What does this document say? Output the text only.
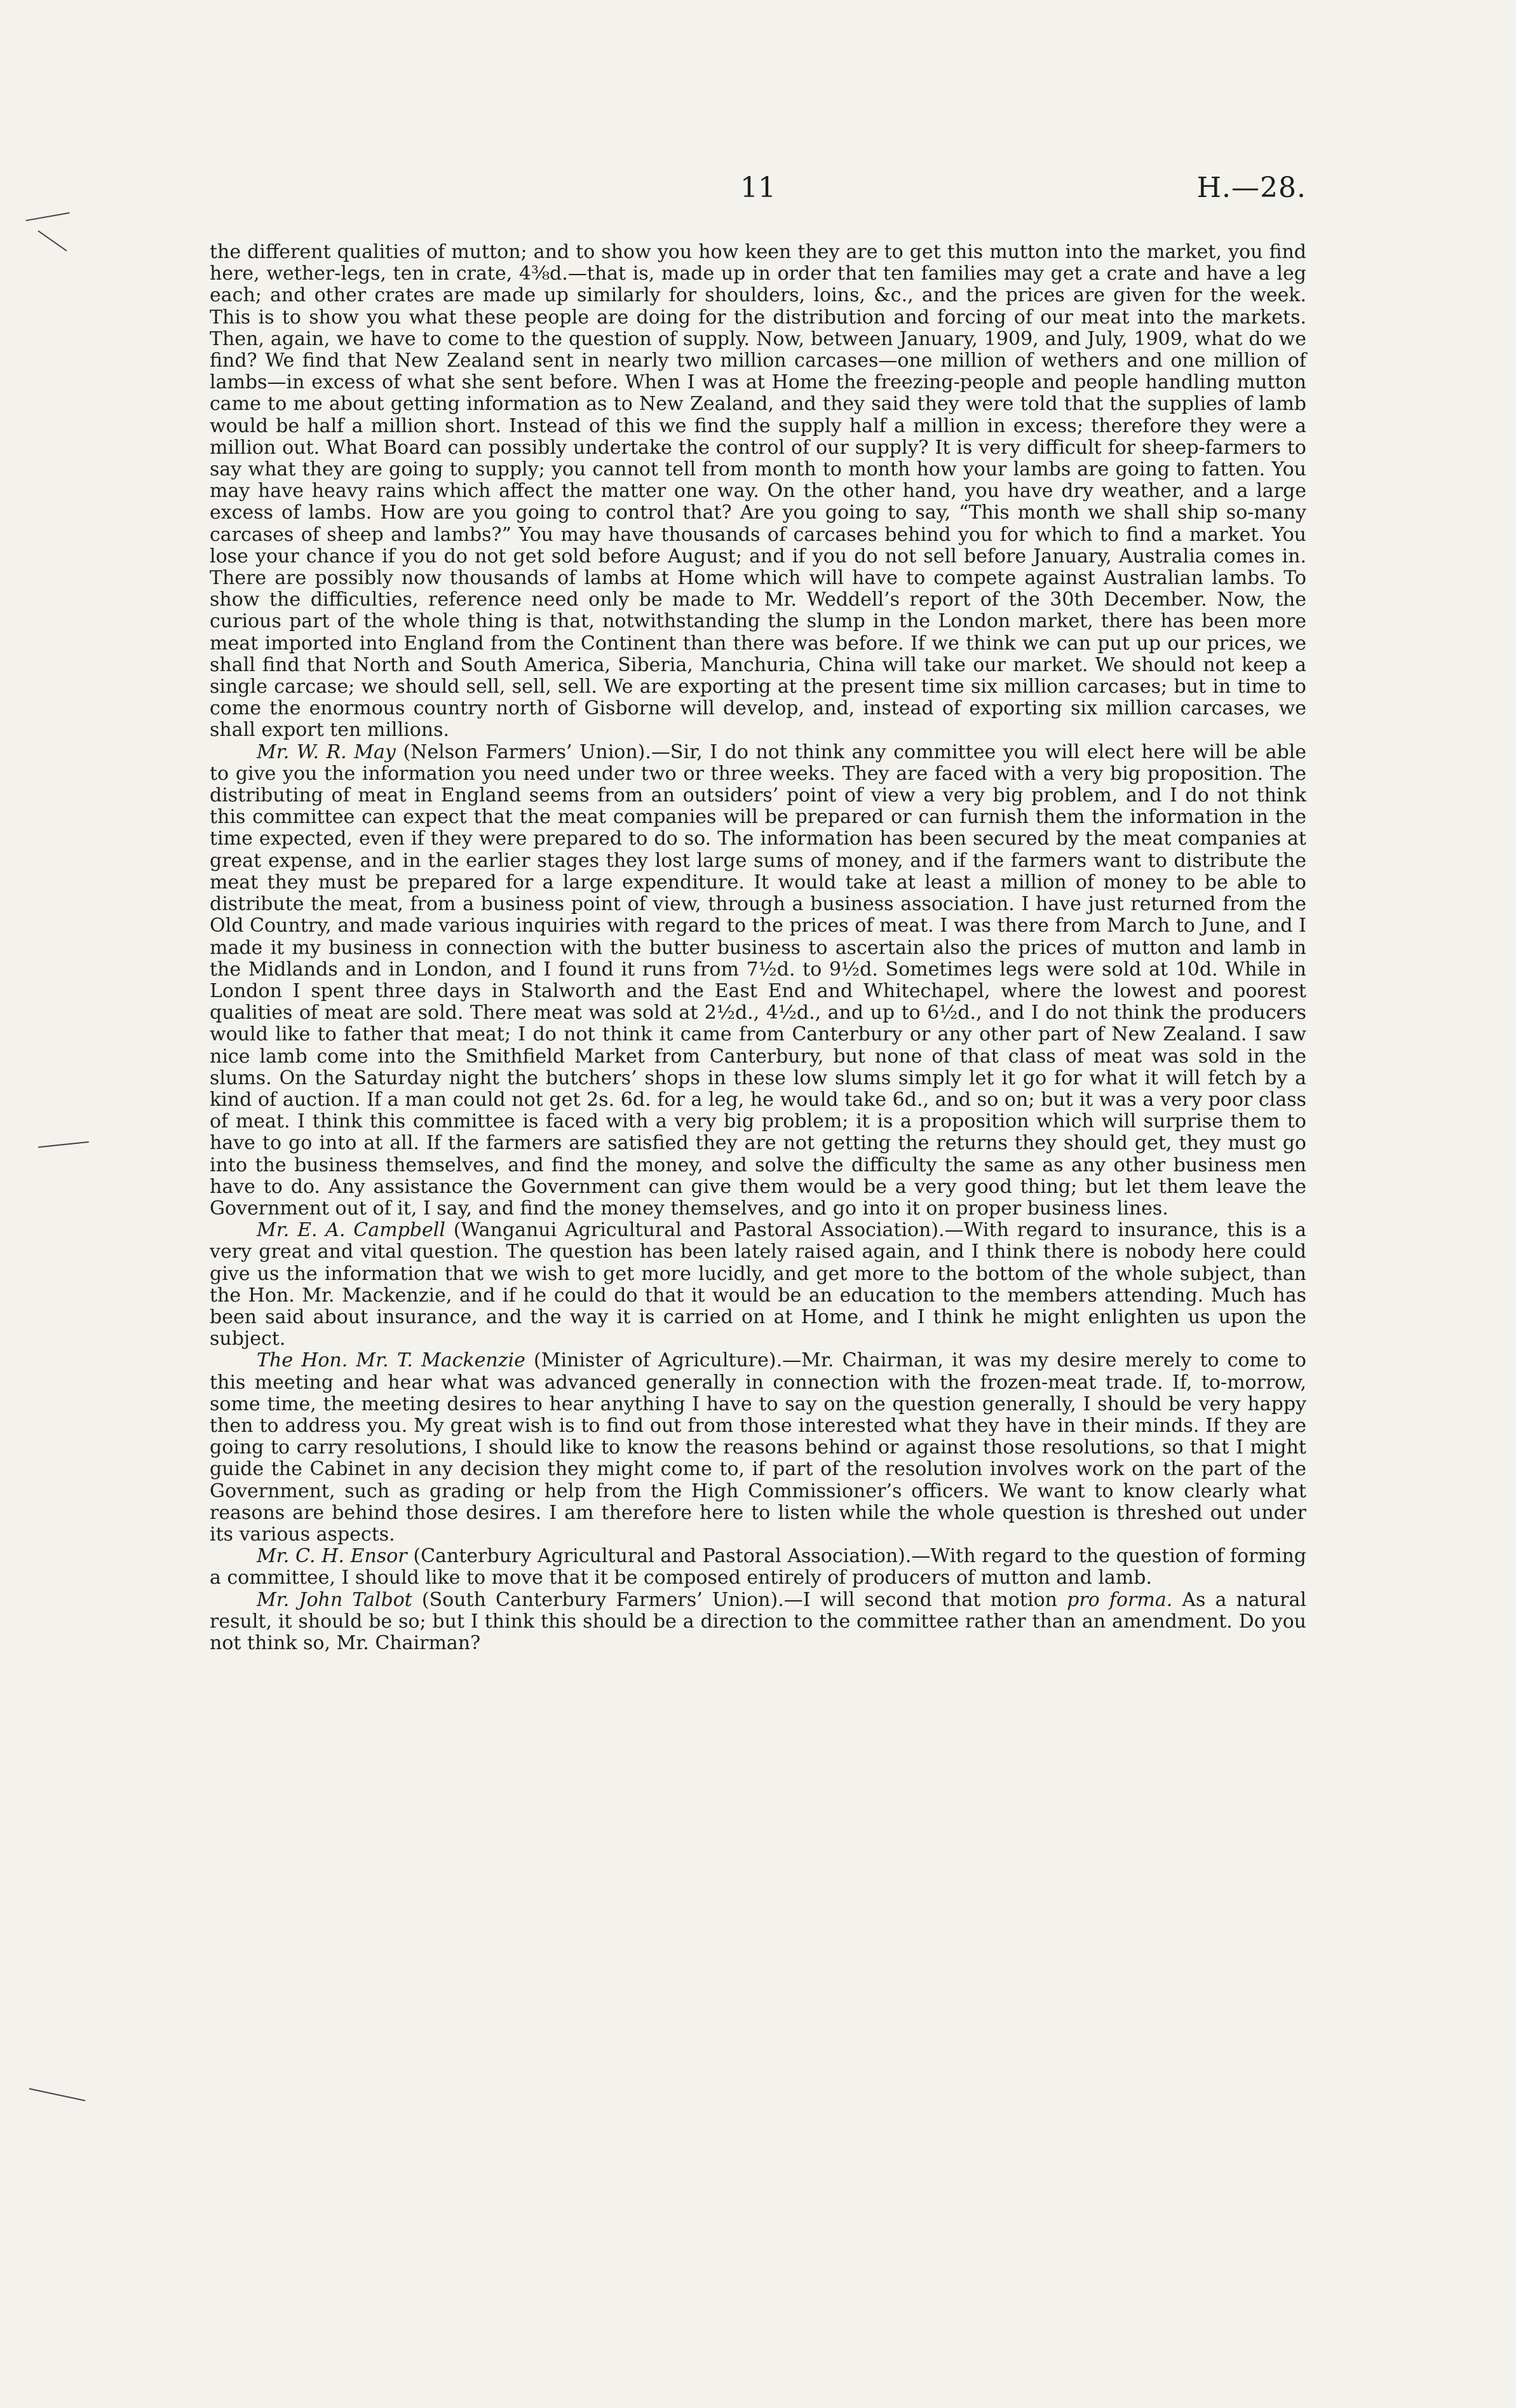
11	H.—28.

the different qualities of mutton; and to show you how keen they are to get this mutton into the market, you find here, wether-legs, ten in crate, 4⅜d.—that is, made up in order that ten families may get a crate and have a leg each; and other crates are made up similarly for shoulders, loins, &c., and the prices are given for the week. This is to show you what these people are doing for the distribution and forcing of our meat into the markets. Then, again, we have to come to the question of supply. Now, between January, 1909, and July, 1909, what do we find? We find that New Zealand sent in nearly two million carcases—one million of wethers and one million of lambs—in excess of what she sent before. When I was at Home the freezing-people and people handling mutton came to me about getting information as to New Zealand, and they said they were told that the supplies of lamb would be half a million short. Instead of this we find the supply half a million in excess; therefore they were a million out. What Board can possibly undertake the control of our supply? It is very difficult for sheep-farmers to say what they are going to supply; you cannot tell from month to month how your lambs are going to fatten. You may have heavy rains which affect the matter one way. On the other hand, you have dry weather, and a large excess of lambs. How are you going to control that? Are you going to say, “This month we shall ship so-many carcases of sheep and lambs?” You may have thousands of carcases behind you for which to find a market. You lose your chance if you do not get sold before August; and if you do not sell before January, Australia comes in. There are possibly now thousands of lambs at Home which will have to compete against Australian lambs. To show the difficulties, reference need only be made to Mr. Weddell’s report of the 30th December. Now, the curious part of the whole thing is that, notwithstanding the slump in the London market, there has been more meat imported into England from the Continent than there was before. If we think we can put up our prices, we shall find that North and South America, Siberia, Manchuria, China will take our market. We should not keep a single carcase; we should sell, sell, sell. We are exporting at the present time six million carcases; but in time to come the enormous country north of Gisborne will develop, and, instead of exporting six million carcases, we shall export ten millions.

Mr. W. R. May (Nelson Farmers’ Union).—Sir, I do not think any committee you will elect here will be able to give you the information you need under two or three weeks. They are faced with a very big proposition. The distributing of meat in England seems from an outsiders’ point of view a very big problem, and I do not think this committee can expect that the meat companies will be prepared or can furnish them the information in the time expected, even if they were prepared to do so. The information has been secured by the meat companies at great expense, and in the earlier stages they lost large sums of money, and if the farmers want to distribute the meat they must be prepared for a large expenditure. It would take at least a million of money to be able to distribute the meat, from a business point of view, through a business association. I have just returned from the Old Country, and made various inquiries with regard to the prices of meat. I was there from March to June, and I made it my business in connection with the butter business to ascertain also the prices of mutton and lamb in the Midlands and in London, and I found it runs from 7½d. to 9½d. Sometimes legs were sold at 10d. While in London I spent three days in Stalworth and the East End and Whitechapel, where the lowest and poorest qualities of meat are sold. There meat was sold at 2½d., 4½d., and up to 6½d., and I do not think the producers would like to father that meat; I do not think it came from Canterbury or any other part of New Zealand. I saw nice lamb come into the Smithfield Market from Canterbury, but none of that class of meat was sold in the slums. On the Saturday night the butchers’ shops in these low slums simply let it go for what it will fetch by a kind of auction. If a man could not get 2s. 6d. for a leg, he would take 6d., and so on; but it was a very poor class of meat. I think this committee is faced with a very big problem; it is a proposition which will surprise them to have to go into at all. If the farmers are satisfied they are not getting the returns they should get, they must go into the business themselves, and find the money, and solve the difficulty the same as any other business men have to do. Any assistance the Government can give them would be a very good thing; but let them leave the Government out of it, I say, and find the money themselves, and go into it on proper business lines.

Mr. E. A. Campbell (Wanganui Agricultural and Pastoral Association).—With regard to insurance, this is a very great and vital question. The question has been lately raised again, and I think there is nobody here could give us the information that we wish to get more lucidly, and get more to the bottom of the whole subject, than the Hon. Mr. Mackenzie, and if he could do that it would be an education to the members attending. Much has been said about insurance, and the way it is carried on at Home, and I think he might enlighten us upon the subject.

The Hon. Mr. T. Mackenzie (Minister of Agriculture).—Mr. Chairman, it was my desire merely to come to this meeting and hear what was advanced generally in connection with the frozen-meat trade. If, to-morrow, some time, the meeting desires to hear anything I have to say on the question generally, I should be very happy then to address you. My great wish is to find out from those interested what they have in their minds. If they are going to carry resolutions, I should like to know the reasons behind or against those resolutions, so that I might guide the Cabinet in any decision they might come to, if part of the resolution involves work on the part of the Government, such as grading or help from the High Commissioner’s officers. We want to know clearly what reasons are behind those desires. I am therefore here to listen while the whole question is threshed out under its various aspects.

Mr. C. H. Ensor (Canterbury Agricultural and Pastoral Association).—With regard to the question of forming a committee, I should like to move that it be composed entirely of producers of mutton and lamb.

Mr. John Talbot (South Canterbury Farmers’ Union).—I will second that motion pro forma. As a natural result, it should be so; but I think this should be a direction to the committee rather than an amendment. Do you not think so, Mr. Chairman?
